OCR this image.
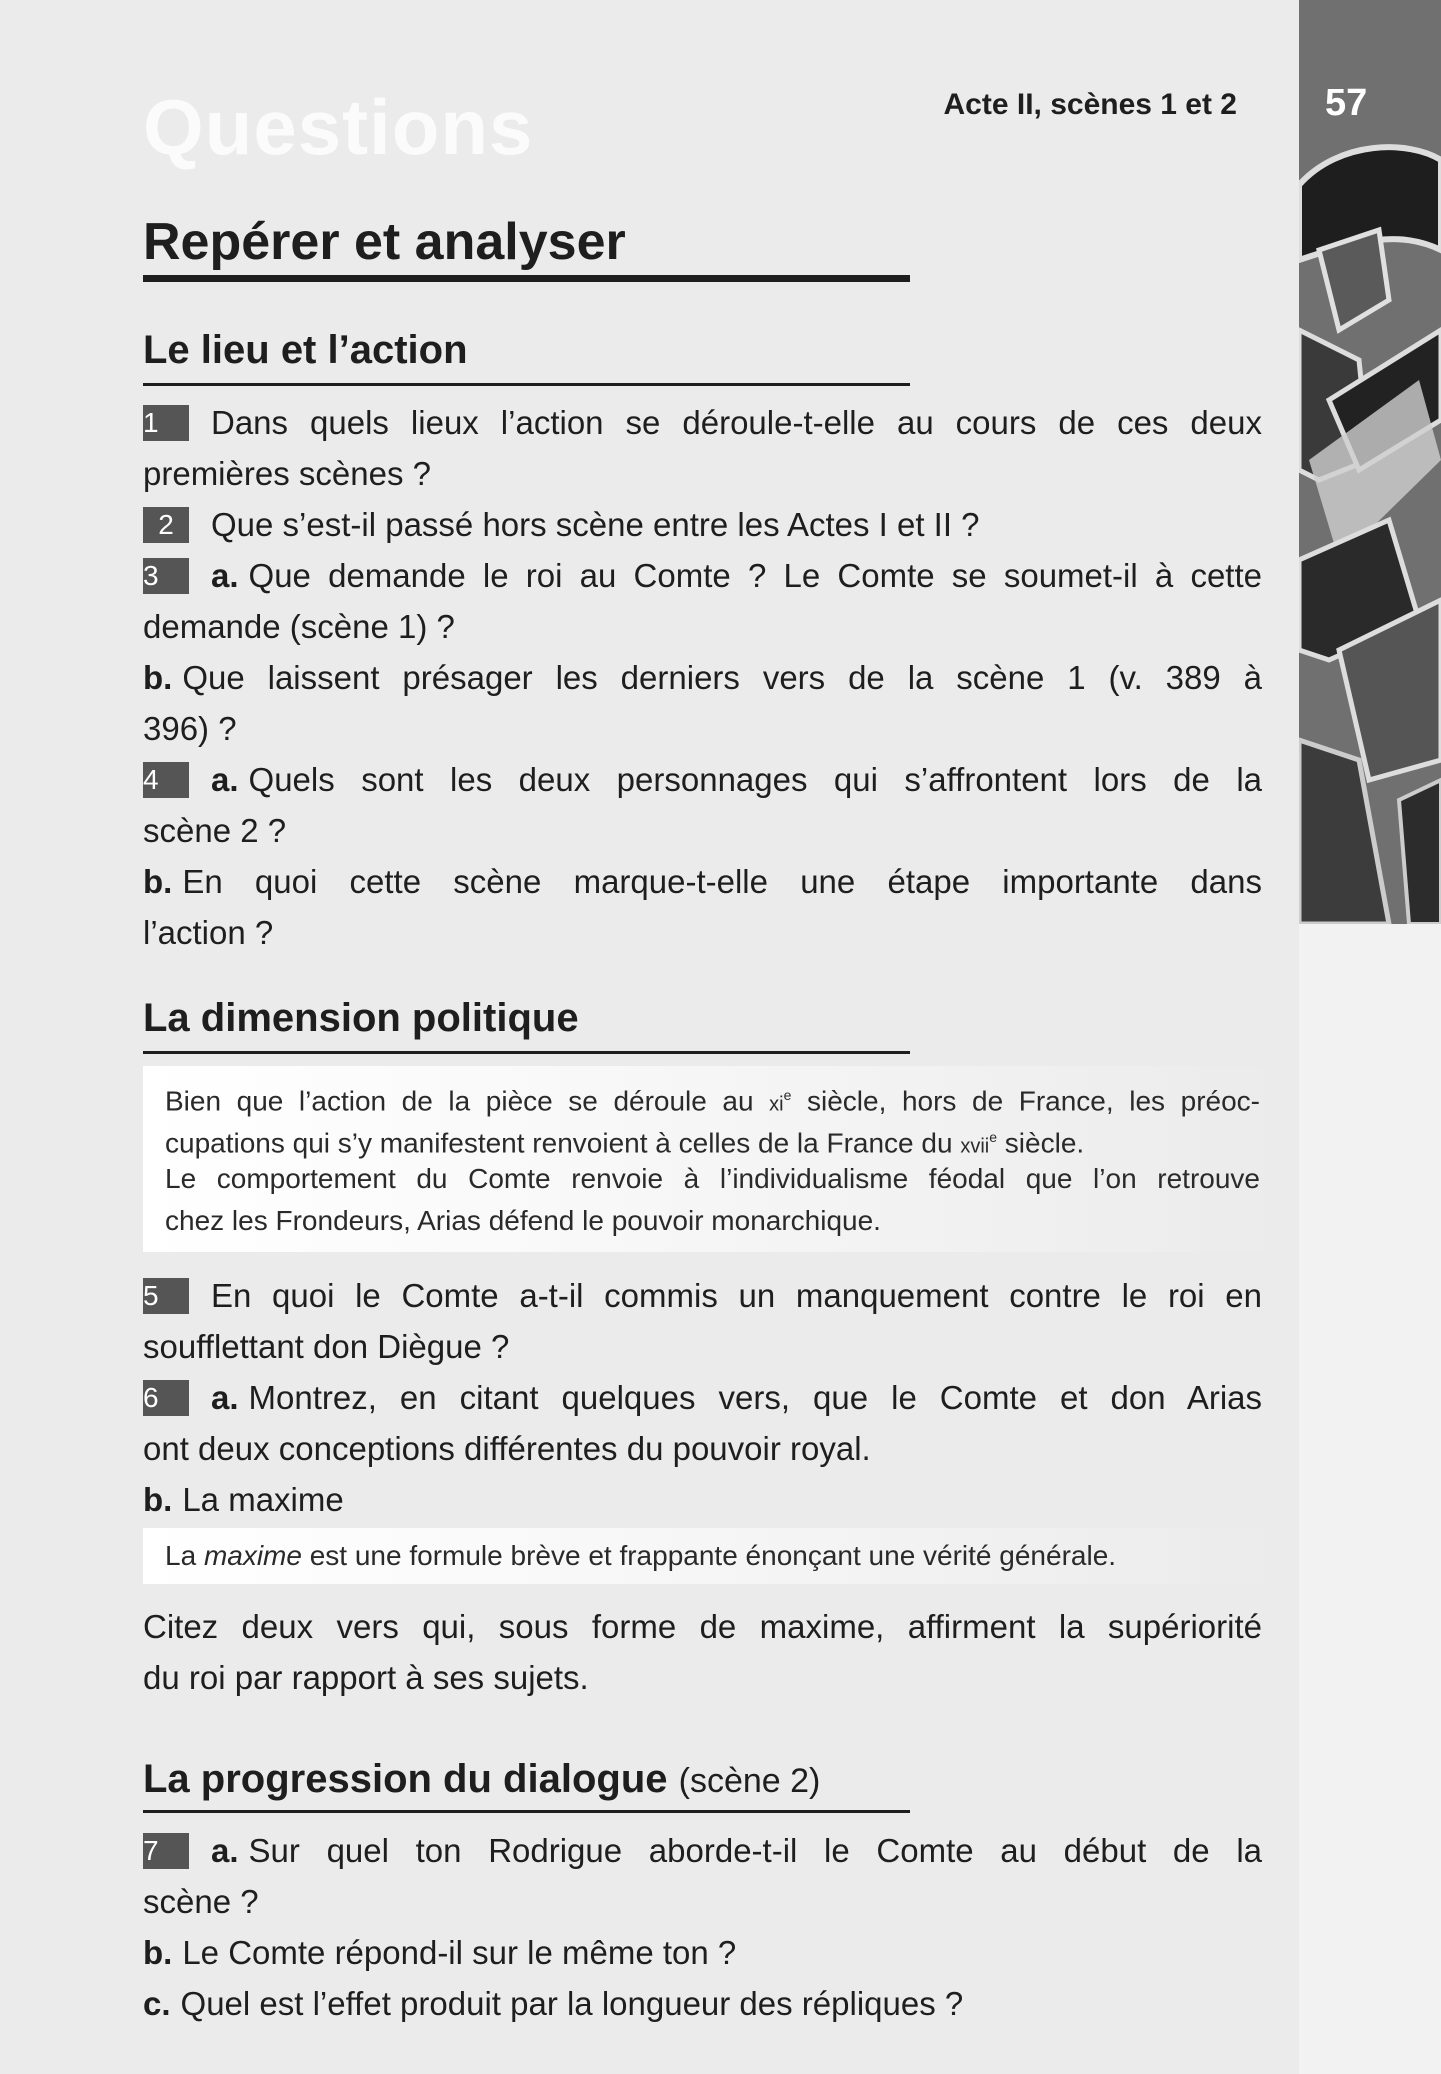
Questions	Acte II, scènes 1 et 2 57
Repérer et analyser
Le lieu et l’action
1 Dans quels lieux l’action se déroule-t-elle au cours de ces deux
premières scènes ?
2 Que s’est-il passé hors scène entre les Actes I et II ?
3 a. Que demande le roi au Comte ? Le Comte se soumet-il à cette
demande (scène 1) ?
b. Que laissent présager les derniers vers de la scène 1 (v. 389 à
396) ?
4 a. Quels sont les deux personnages qui s’affrontent lors de la
scène 2 ?
b. En quoi cette scène marque-t-elle une étape importante dans
l’action ?
La dimension politique
Bien que l’action de la pièce se déroule au $xi^e$ siècle, hors de France, les préoc-
cupations qui s’y manifestent renvoient à celles de la France du xvii$^e$ siècle.
Le comportement du Comte renvoie à l’individualisme féodal que l’on retrouve
chez les Frondeurs, Arias défend le pouvoir monarchique.
5 En quoi le Comte a-t-il commis un manquement contre le roi en
soufflettant don Diègue ?
6 a. Montrez, en citant quelques vers, que le Comte et don Arias
ont deux conceptions différentes du pouvoir royal.
b. La maxime
La maxime est une formule brève et frappante énonçant une vérité générale.
Citez deux vers qui, sous forme de maxime, affirment la supériorité
du roi par rapport à ses sujets.
La progression du dialogue (scène 2)
7 a. Sur quel ton Rodrigue aborde-t-il le Comte au début de la
scène ?
b. Le Comte répond-il sur le même ton ?
c. Quel est l’effet produit par la longueur des répliques ?
